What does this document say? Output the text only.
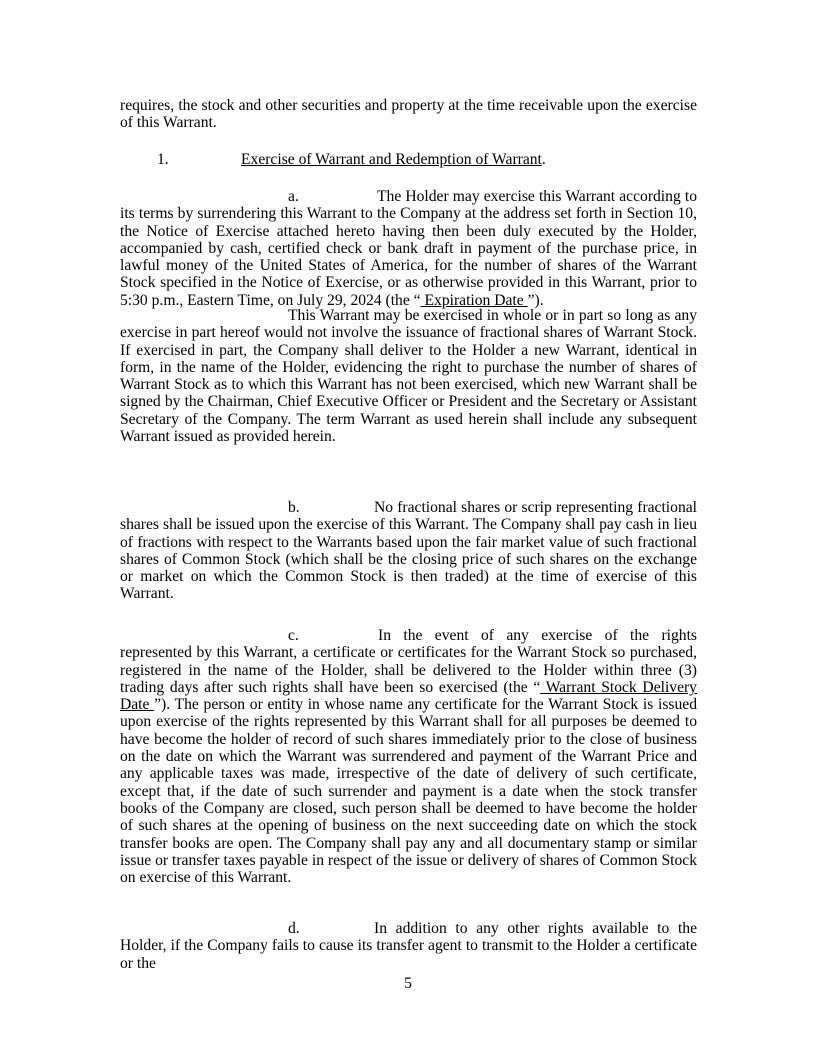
requires, the stock and other securities and property at the time receivable upon the exercise of this Warrant.

1.	Exercise of Warrant and Redemption of Warrant.

a.	The Holder may exercise this Warrant according to its terms by surrendering this Warrant to the Company at the address set forth in Section 10, the Notice of Exercise attached hereto having then been duly executed by the Holder, accompanied by cash, certified check or bank draft in payment of the purchase price, in lawful money of the United States of America, for the number of shares of the Warrant Stock specified in the Notice of Exercise, or as otherwise provided in this Warrant, prior to 5:30 p.m., Eastern Time, on July 29, 2024 (the “ Expiration Date ”).

This Warrant may be exercised in whole or in part so long as any exercise in part hereof would not involve the issuance of fractional shares of Warrant Stock. If exercised in part, the Company shall deliver to the Holder a new Warrant, identical in form, in the name of the Holder, evidencing the right to purchase the number of shares of Warrant Stock as to which this Warrant has not been exercised, which new Warrant shall be signed by the Chairman, Chief Executive Officer or President and the Secretary or Assistant Secretary of the Company. The term Warrant as used herein shall include any subsequent Warrant issued as provided herein.

b.	No fractional shares or scrip representing fractional shares shall be issued upon the exercise of this Warrant. The Company shall pay cash in lieu of fractions with respect to the Warrants based upon the fair market value of such fractional shares of Common Stock (which shall be the closing price of such shares on the exchange or market on which the Common Stock is then traded) at the time of exercise of this Warrant.

c.	In the event of any exercise of the rights represented by this Warrant, a certificate or certificates for the Warrant Stock so purchased, registered in the name of the Holder, shall be delivered to the Holder within three (3) trading days after such rights shall have been so exercised (the “ Warrant Stock Delivery Date ”). The person or entity in whose name any certificate for the Warrant Stock is issued upon exercise of the rights represented by this Warrant shall for all purposes be deemed to have become the holder of record of such shares immediately prior to the close of business on the date on which the Warrant was surrendered and payment of the Warrant Price and any applicable taxes was made, irrespective of the date of delivery of such certificate, except that, if the date of such surrender and payment is a date when the stock transfer books of the Company are closed, such person shall be deemed to have become the holder of such shares at the opening of business on the next succeeding date on which the stock transfer books are open. The Company shall pay any and all documentary stamp or similar issue or transfer taxes payable in respect of the issue or delivery of shares of Common Stock on exercise of this Warrant.

d.	In addition to any other rights available to the Holder, if the Company fails to cause its transfer agent to transmit to the Holder a certificate or the

5
